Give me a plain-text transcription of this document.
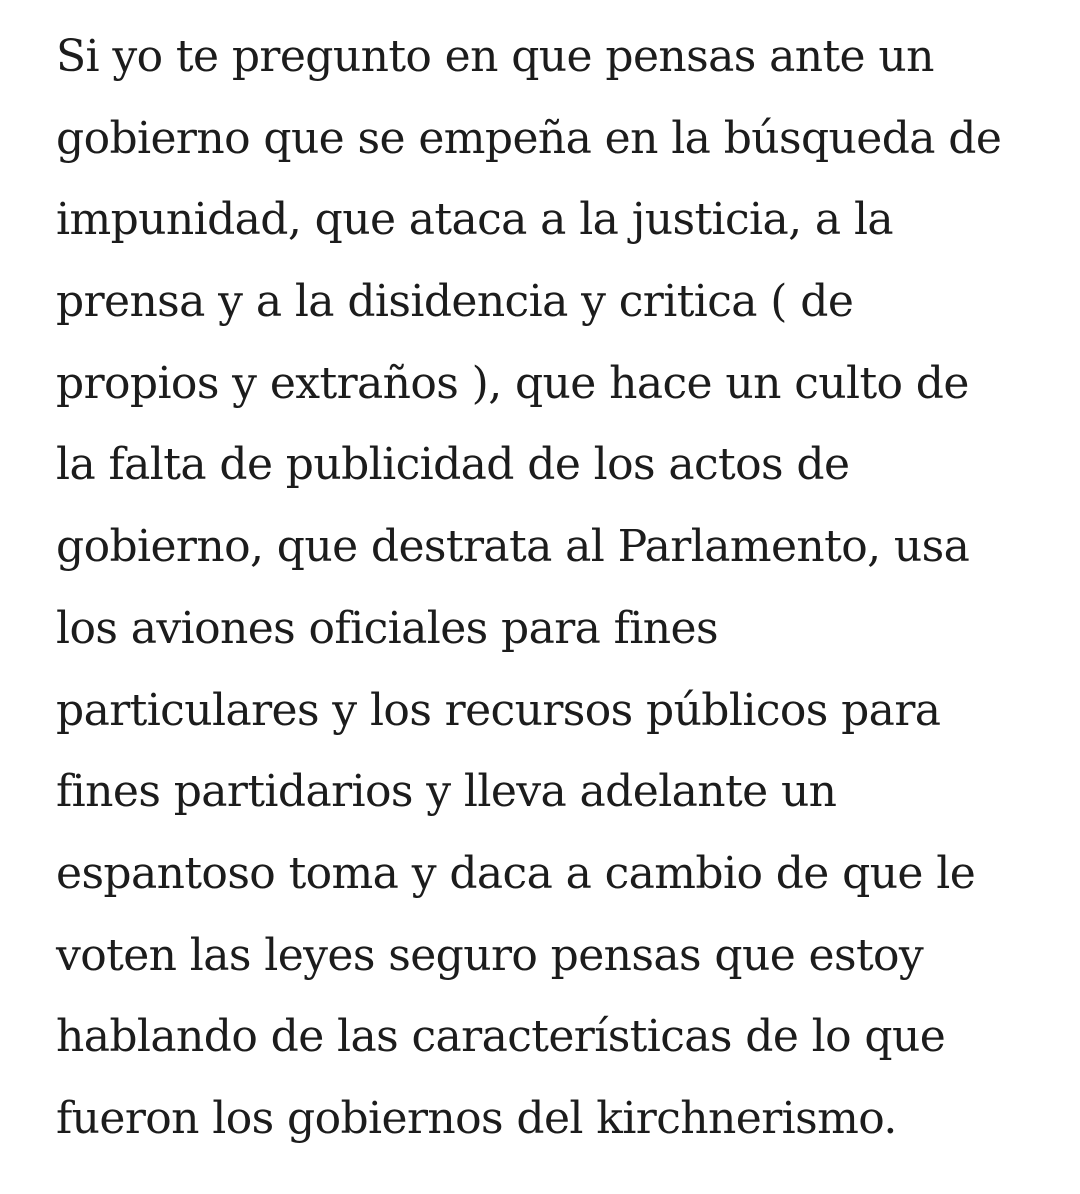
Si yo te pregunto en que pensas ante un
gobierno que se empeña en la búsqueda de
impunidad, que ataca a la justicia, a la
prensa y a la disidencia y critica ( de
propios y extraños ), que hace un culto de
la falta de publicidad de los actos de
gobierno, que destrata al Parlamento, usa
los aviones oficiales para fines
particulares y los recursos públicos para
fines partidarios y lleva adelante un
espantoso toma y daca a cambio de que le
voten las leyes seguro pensas que estoy
hablando de las características de lo que
fueron los gobiernos del kirchnerismo.
